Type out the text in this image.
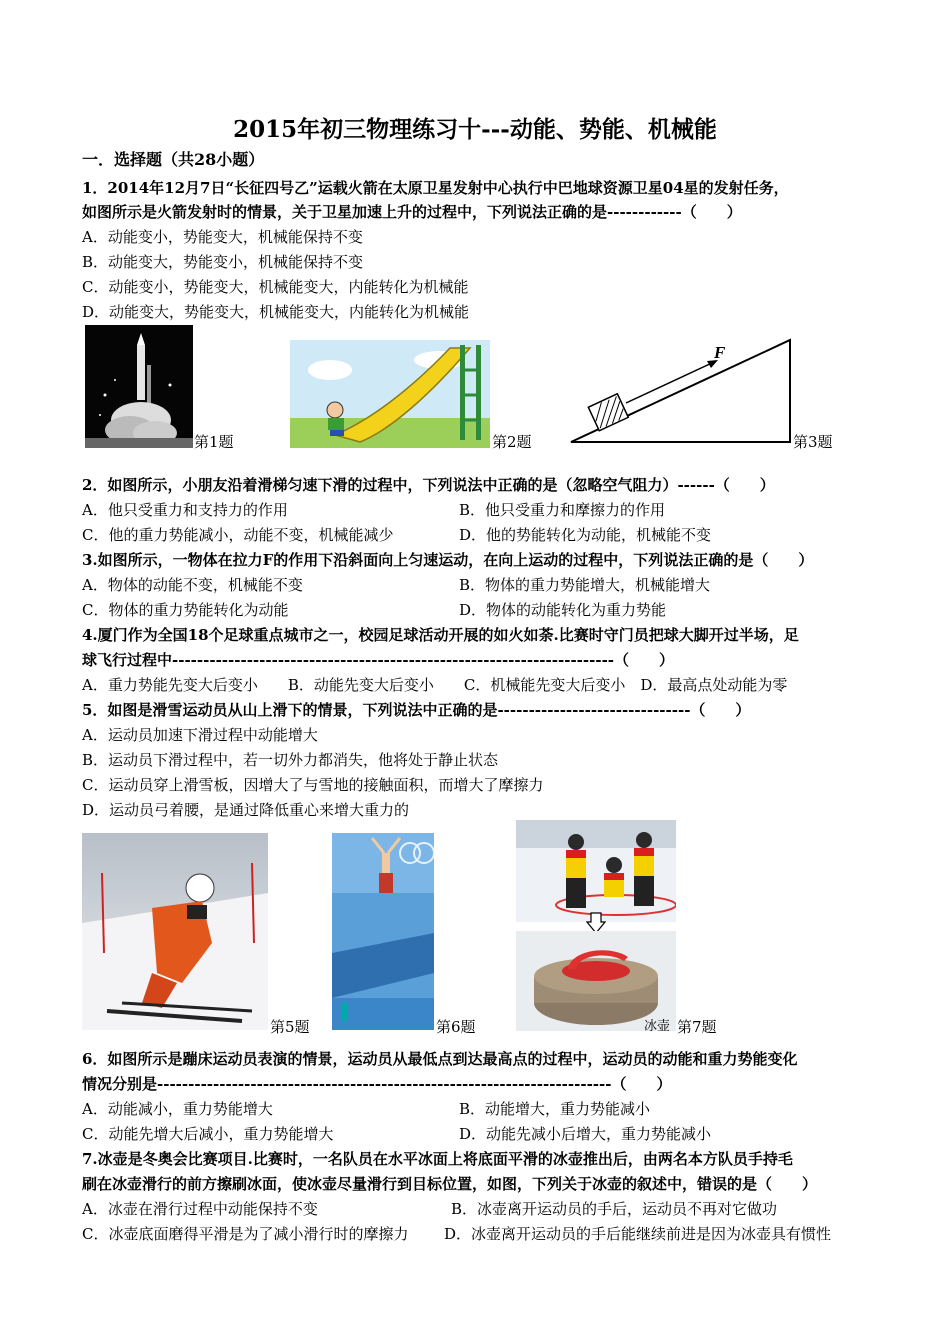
2015年初三物理练习十---动能、势能、机械能
一．选择题（共28小题）
1．2014年12月7日“长征四号乙”运载火箭在太原卫星发射中心执行中巴地球资源卫星04星的发射任务，
如图所示是火箭发射时的情景，关于卫星加速上升的过程中，下列说法正确的是------------（　　）
A．动能变小，势能变大，机械能保持不变
B．动能变大，势能变小，机械能保持不变
C．动能变小，势能变大，机械能变大，内能转化为机械能
D．动能变大，势能变大，机械能变大，内能转化为机械能
第1题	第2题
F
第3题
2．如图所示，小朋友沿着滑梯匀速下滑的过程中，下列说法中正确的是（忽略空气阻力）------（　　）
A．他只受重力和支持力的作用	B．他只受重力和摩擦力的作用
C．他的重力势能减小，动能不变，机械能减少	D．他的势能转化为动能，机械能不变
3.如图所示，一物体在拉力F的作用下沿斜面向上匀速运动，在向上运动的过程中，下列说法正确的是（　　）
A．物体的动能不变，机械能不变	B．物体的重力势能增大，机械能增大
C．物体的重力势能转化为动能	D．物体的动能转化为重力势能
4.厦门作为全国18个足球重点城市之一，校园足球活动开展的如火如荼.比赛时守门员把球大脚开过半场，足
球飞行过程中-----------------------------------------------------------------------（　　）
A．重力势能先变大后变小　　B．动能先变大后变小　　C．机械能先变大后变小　D．最高点处动能为零
5．如图是滑雪运动员从山上滑下的情景，下列说法中正确的是-------------------------------（　　）
A．运动员加速下滑过程中动能增大
B．运动员下滑过程中，若一切外力都消失，他将处于静止状态
C．运动员穿上滑雪板，因增大了与雪地的接触面积，而增大了摩擦力
D．运动员弓着腰，是通过降低重心来增大重力的
第5题	第6题	冰壶 第7题
6．如图所示是蹦床运动员表演的情景，运动员从最低点到达最高点的过程中，运动员的动能和重力势能变化
情况分别是-------------------------------------------------------------------------（　　）
A．动能减小，重力势能增大	B．动能增大，重力势能减小
C．动能先增大后减小，重力势能增大	D．动能先减小后增大，重力势能减小
7.冰壶是冬奥会比赛项目.比赛时，一名队员在水平冰面上将底面平滑的冰壶推出后，由两名本方队员手持毛
刷在冰壶滑行的前方擦刷冰面，使冰壶尽量滑行到目标位置，如图，下列关于冰壶的叙述中，错误的是（　　）
A．冰壶在滑行过程中动能保持不变	B．冰壶离开运动员的手后，运动员不再对它做功
C．冰壶底面磨得平滑是为了减小滑行时的摩擦力 D．冰壶离开运动员的手后能继续前进是因为冰壶具有惯性
